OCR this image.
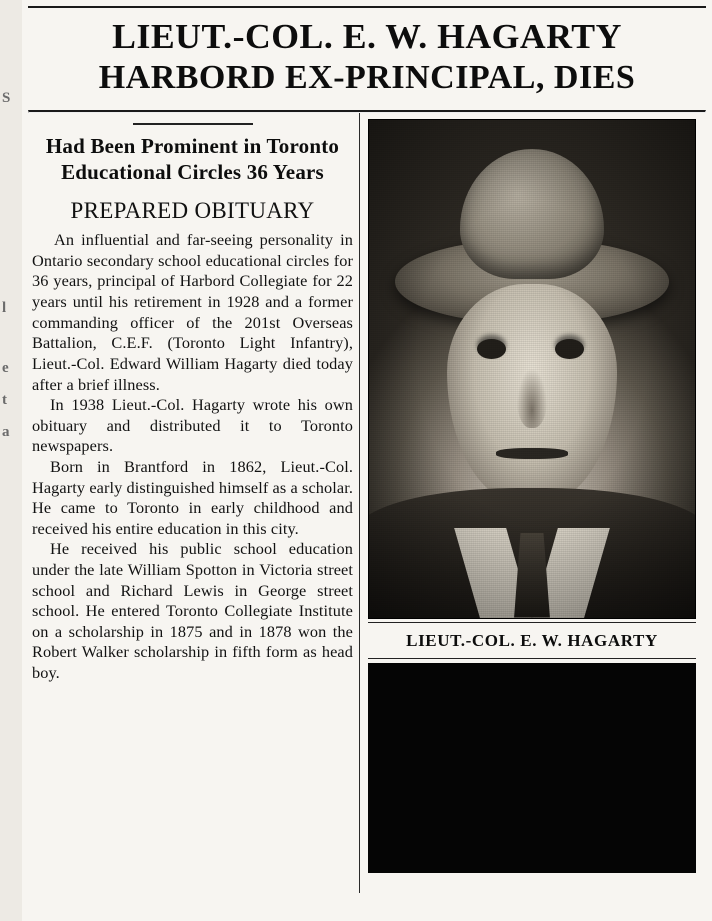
S
l
e
t
a
LIEUT.-COL. E. W. HAGARTY
HARBORD EX-PRINCIPAL, DIES
Had Been Prominent in Toronto Educational Circles 36 Years
PREPARED OBITUARY

An influential and far-seeing personality in Ontario secondary school educational circles for 36 years, principal of Harbord Collegiate for 22 years until his retirement in 1928 and a former commanding officer of the 201st Overseas Battalion, C.E.F. (Toronto Light Infantry), Lieut.-Col. Edward William Hagarty died today after a brief illness.

In 1938 Lieut.-Col. Hagarty wrote his own obituary and distributed it to Toronto newspapers.

Born in Brantford in 1862, Lieut.-Col. Hagarty early distinguished himself as a scholar. He came to Toronto in early childhood and received his entire education in this city.

He received his public school education under the late William Spotton in Victoria street school and Richard Lewis in George street school. He entered Toronto Collegiate Institute on a scholarship in 1875 and in 1878 won the Robert Walker scholarship in fifth form as head boy.

LIEUT.-COL. E. W. HAGARTY
